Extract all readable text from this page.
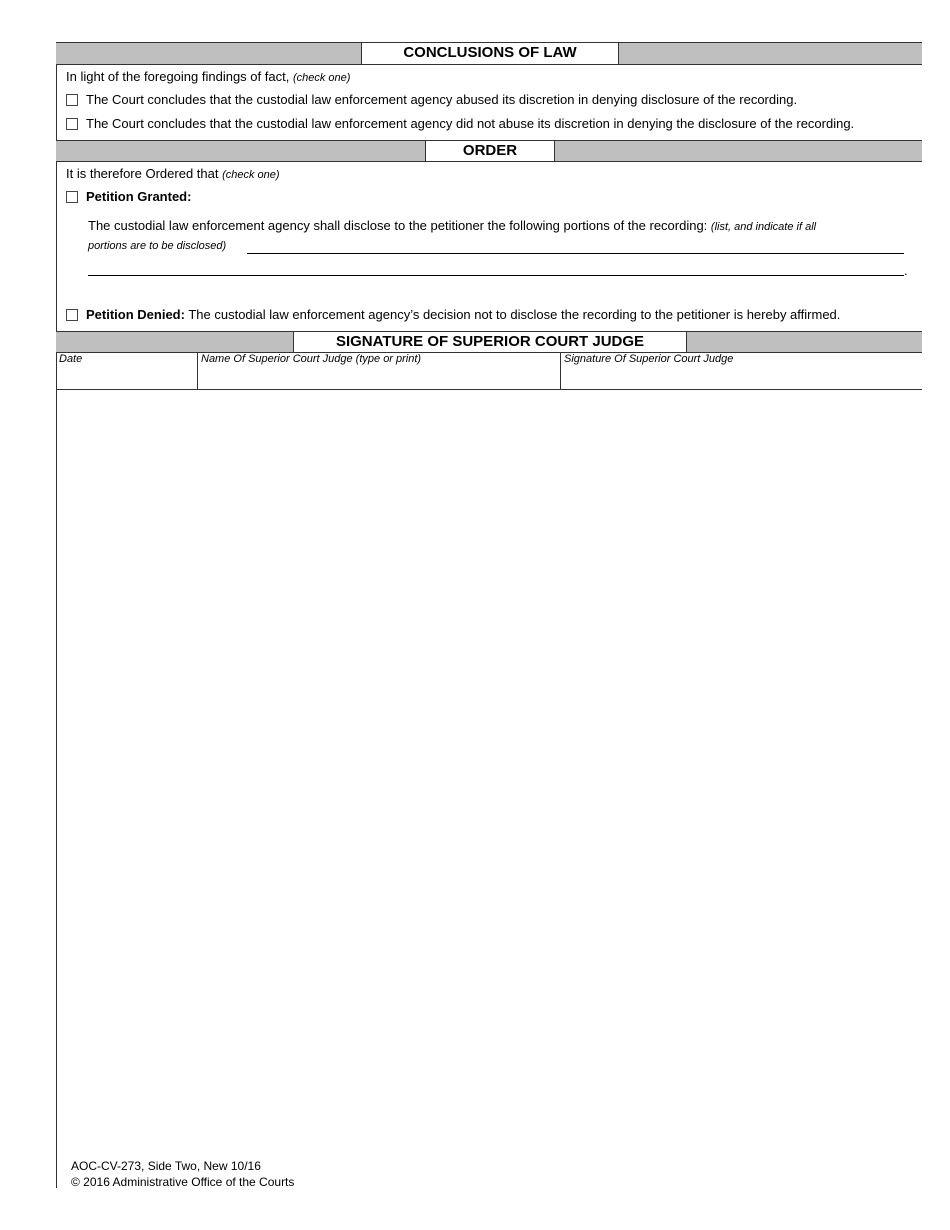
CONCLUSIONS OF LAW
In light of the foregoing findings of fact, (check one)
The Court concludes that the custodial law enforcement agency abused its discretion in denying disclosure of the recording.
The Court concludes that the custodial law enforcement agency did not abuse its discretion in denying the disclosure of the recording.
ORDER
It is therefore Ordered that (check one)
Petition Granted:
The custodial law enforcement agency shall disclose to the petitioner the following portions of the recording: (list, and indicate if all
portions are to be disclosed)
.
Petition Denied: The custodial law enforcement agency’s decision not to disclose the recording to the petitioner is hereby affirmed.
SIGNATURE OF SUPERIOR COURT JUDGE
Date	Name Of Superior Court Judge (type or print)	Signature Of Superior Court Judge
AOC-CV-273, Side Two, New 10/16
© 2016 Administrative Office of the Courts
